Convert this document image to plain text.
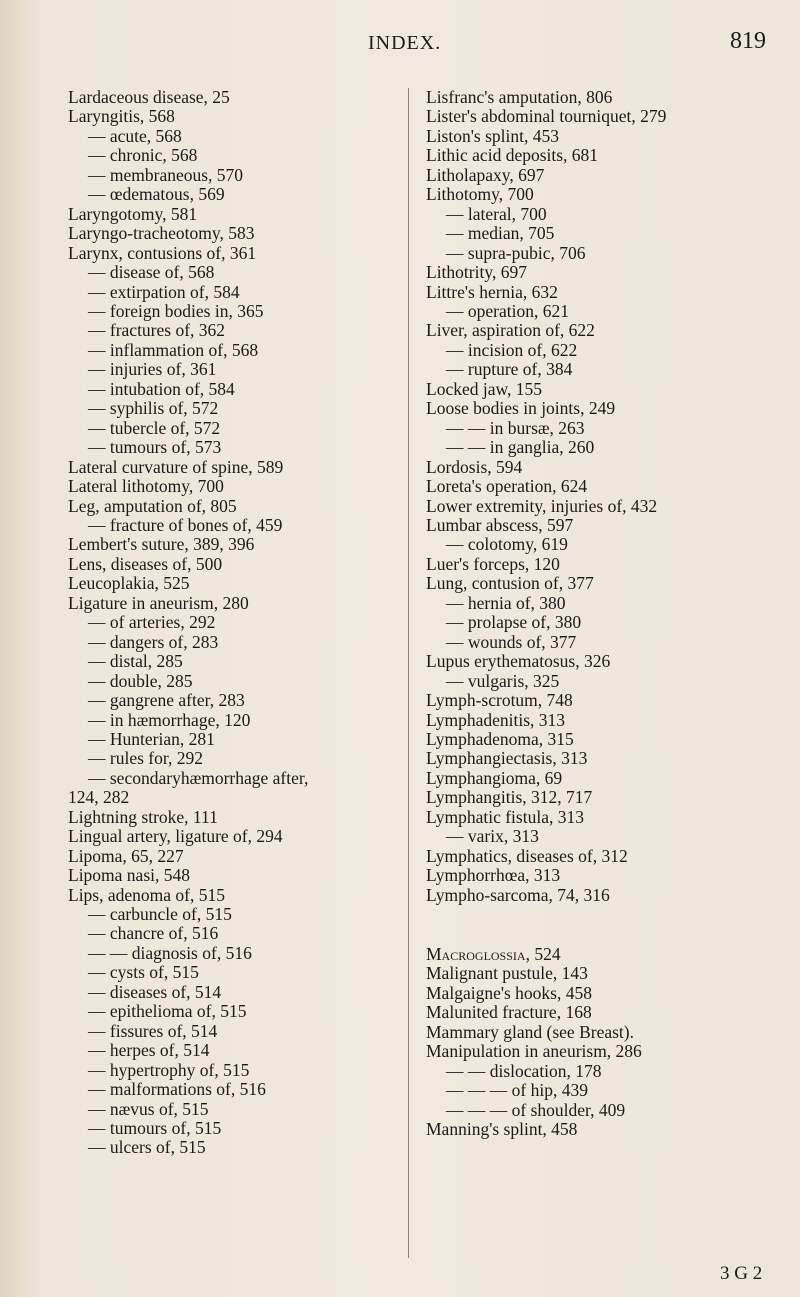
INDEX.	819
Lardaceous disease, 25
Laryngitis, 568
— acute, 568
— chronic, 568
— membraneous, 570
— œdematous, 569
Laryngotomy, 581
Laryngo-tracheotomy, 583
Larynx, contusions of, 361
— disease of, 568
— extirpation of, 584
— foreign bodies in, 365
— fractures of, 362
— inflammation of, 568
— injuries of, 361
— intubation of, 584
— syphilis of, 572
— tubercle of, 572
— tumours of, 573
Lateral curvature of spine, 589
Lateral lithotomy, 700
Leg, amputation of, 805
— fracture of bones of, 459
Lembert's suture, 389, 396
Lens, diseases of, 500
Leucoplakia, 525
Ligature in aneurism, 280
— of arteries, 292
— dangers of, 283
— distal, 285
— double, 285
— gangrene after, 283
— in hæmorrhage, 120
— Hunterian, 281
— rules for, 292
— secondaryhæmorrhage after,
124, 282
Lightning stroke, 111
Lingual artery, ligature of, 294
Lipoma, 65, 227
Lipoma nasi, 548
Lips, adenoma of, 515
— carbuncle of, 515
— chancre of, 516
— — diagnosis of, 516
— cysts of, 515
— diseases of, 514
— epithelioma of, 515
— fissures of, 514
— herpes of, 514
— hypertrophy of, 515
— malformations of, 516
— nævus of, 515
— tumours of, 515
— ulcers of, 515
Lisfranc's amputation, 806
Lister's abdominal tourniquet, 279
Liston's splint, 453
Lithic acid deposits, 681
Litholapaxy, 697
Lithotomy, 700
— lateral, 700
— median, 705
— supra-pubic, 706
Lithotrity, 697
Littre's hernia, 632
— operation, 621
Liver, aspiration of, 622
— incision of, 622
— rupture of, 384
Locked jaw, 155
Loose bodies in joints, 249
— — in bursæ, 263
— — in ganglia, 260
Lordosis, 594
Loreta's operation, 624
Lower extremity, injuries of, 432
Lumbar abscess, 597
— colotomy, 619
Luer's forceps, 120
Lung, contusion of, 377
— hernia of, 380
— prolapse of, 380
— wounds of, 377
Lupus erythematosus, 326
— vulgaris, 325
Lymph-scrotum, 748
Lymphadenitis, 313
Lymphadenoma, 315
Lymphangiectasis, 313
Lymphangioma, 69
Lymphangitis, 312, 717
Lymphatic fistula, 313
— varix, 313
Lymphatics, diseases of, 312
Lymphorrhœa, 313
Lympho-sarcoma, 74, 316
Macroglossia, 524
Malignant pustule, 143
Malgaigne's hooks, 458
Malunited fracture, 168
Mammary gland (see Breast).
Manipulation in aneurism, 286
— — dislocation, 178
— — — of hip, 439
— — — of shoulder, 409
Manning's splint, 458
3 G 2
